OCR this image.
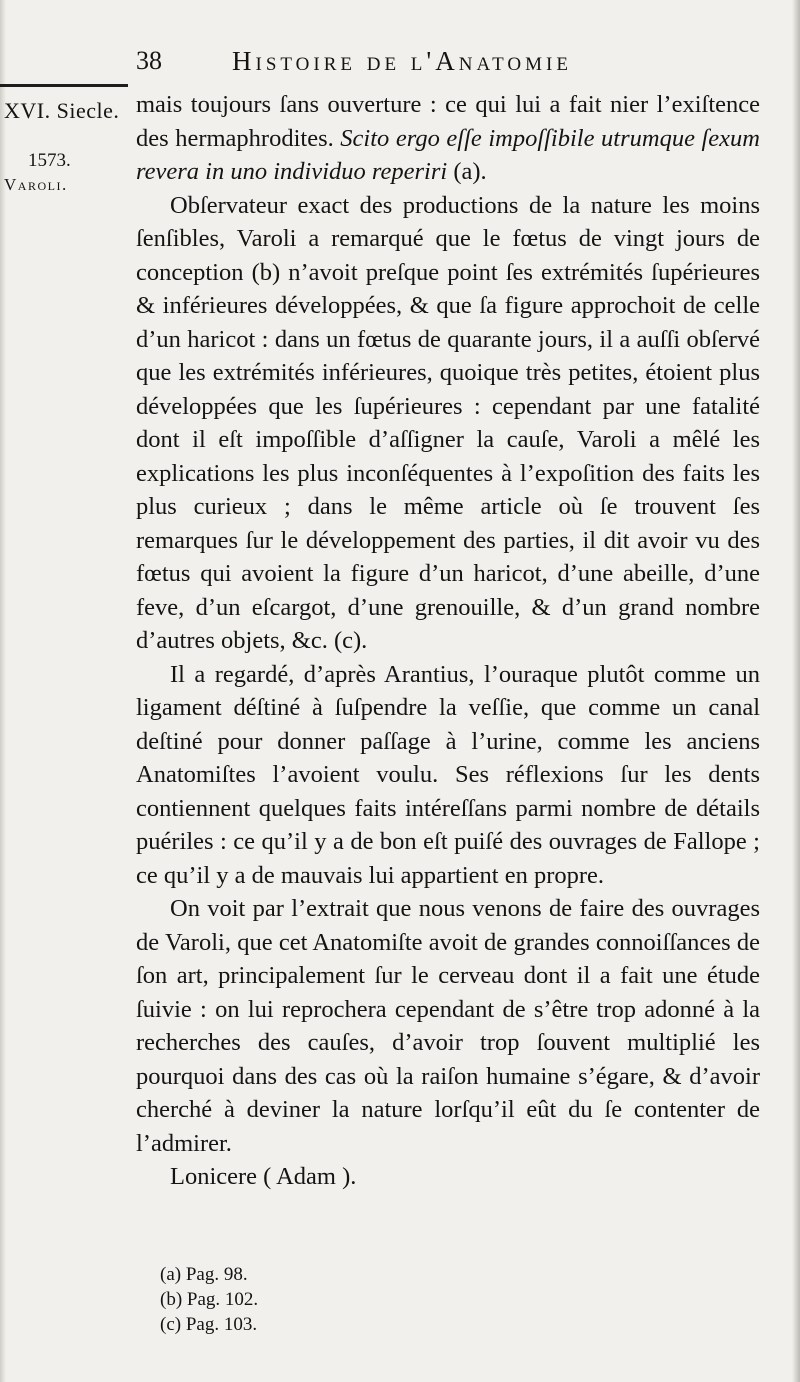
38	Histoire de l'Anatomie
XVI. Siecle.
1573.
Varoli.

mais toujours ſans ouverture : ce qui lui a fait nier l’exiſtence des hermaphrodites. Scito ergo eſſe impoſſibile utrumque ſexum revera in uno individuo reperiri (a).

Obſervateur exact des productions de la nature les moins ſenſibles, Varoli a remarqué que le fœtus de vingt jours de conception (b) n’avoit preſque point ſes extrémités ſupérieures & inférieures développées, & que ſa figure approchoit de celle d’un haricot : dans un fœtus de quarante jours, il a auſſi obſervé que les extrémités inférieures, quoique très petites, étoient plus développées que les ſupérieures : cependant par une fatalité dont il eſt impoſſible d’aſſigner la cauſe, Varoli a mêlé les explications les plus inconſéquentes à l’expoſition des faits les plus curieux ; dans le même article où ſe trouvent ſes remarques ſur le développement des parties, il dit avoir vu des fœtus qui avoient la figure d’un haricot, d’une abeille, d’une feve, d’un eſcargot, d’une grenouille, & d’un grand nombre d’autres objets, &c. (c).

Il a regardé, d’après Arantius, l’ouraque plutôt comme un ligament déſtiné à ſuſpendre la veſſie, que comme un canal deſtiné pour donner paſſage à l’urine, comme les anciens Anatomiſtes l’avoient voulu. Ses réflexions ſur les dents contiennent quelques faits intéreſſans parmi nombre de détails puériles : ce qu’il y a de bon eſt puiſé des ouvrages de Fallope ; ce qu’il y a de mauvais lui appartient en propre.

On voit par l’extrait que nous venons de faire des ouvrages de Varoli, que cet Anatomiſte avoit de grandes connoiſſances de ſon art, principalement ſur le cerveau dont il a fait une étude ſuivie : on lui reprochera cependant de s’être trop adonné à la recherches des cauſes, d’avoir trop ſouvent multiplié les pourquoi dans des cas où la raiſon humaine s’égare, & d’avoir cherché à deviner la nature lorſqu’il eût du ſe contenter de l’admirer.

Lonicere ( Adam ).

(a) Pag. 98.
(b) Pag. 102.
(c) Pag. 103.
